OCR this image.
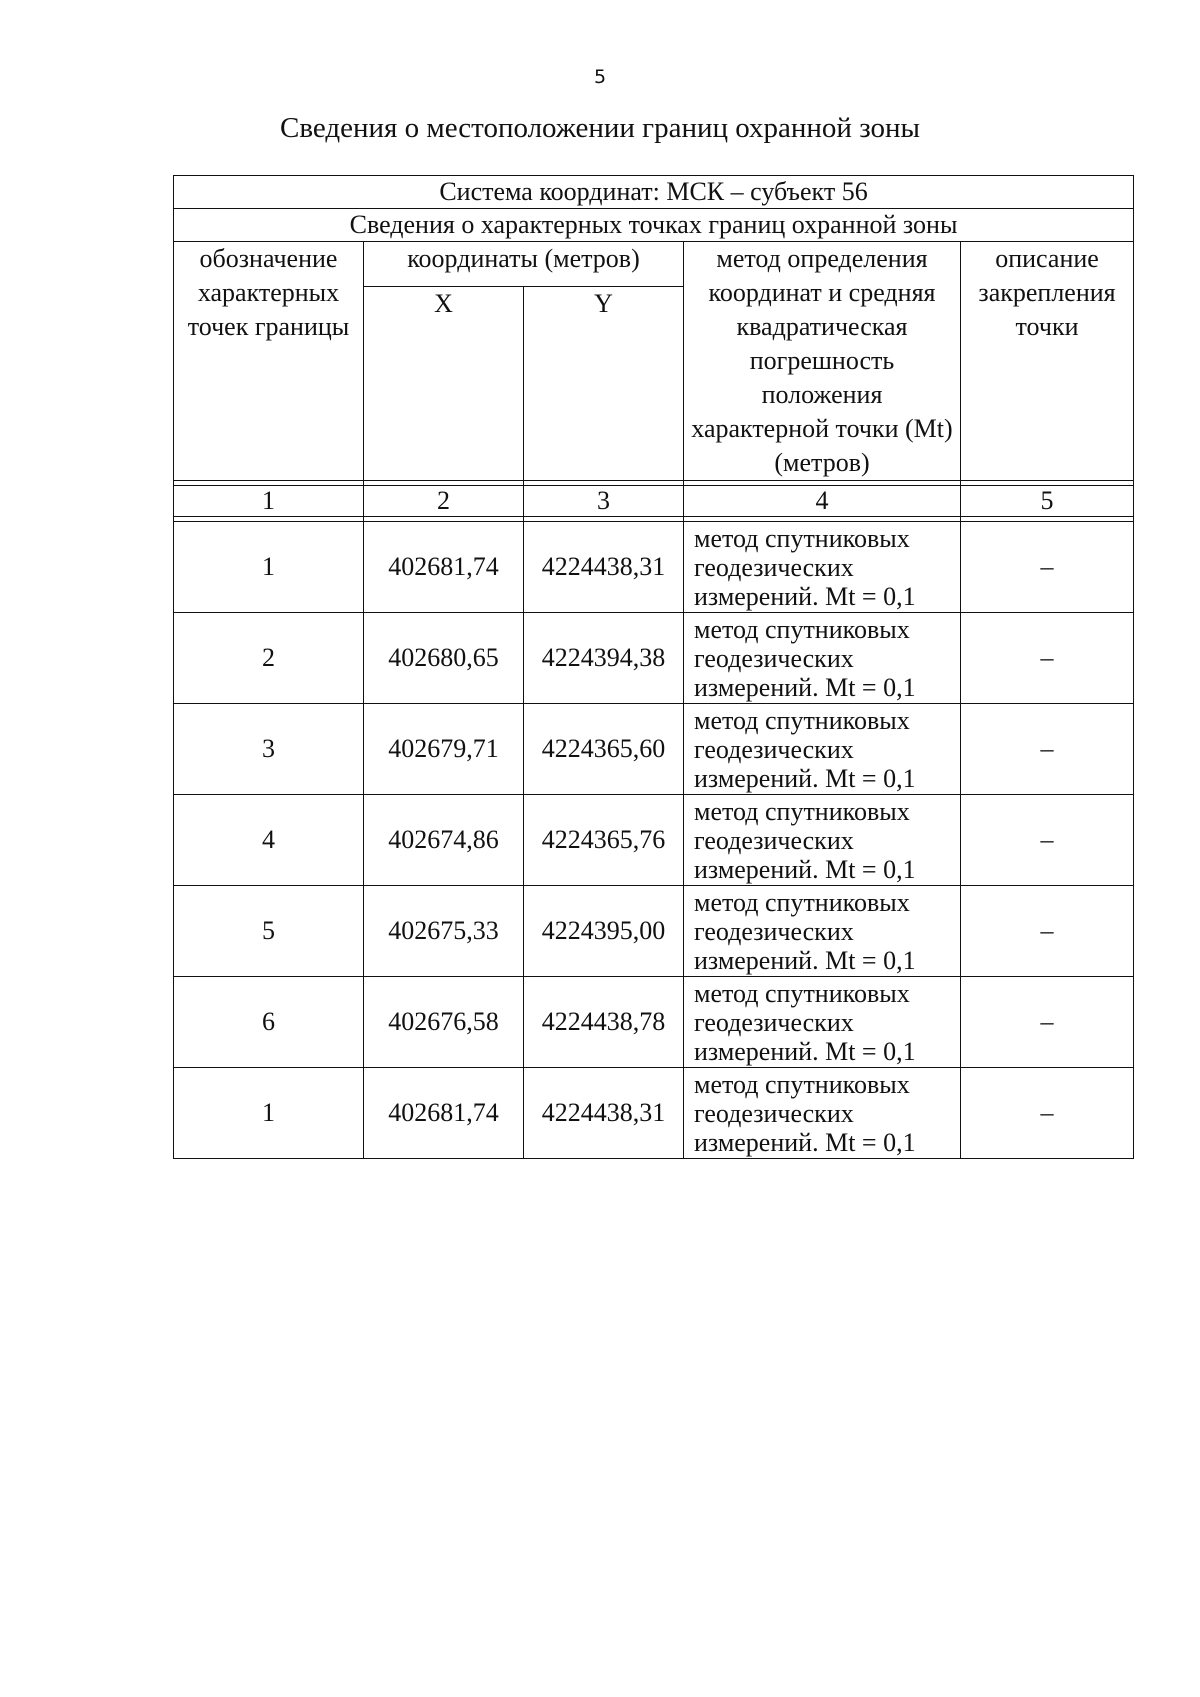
5
Сведения о местоположении границ охранной зоны
Система координат: МСК – субъект 56				
Сведения о характерных точках границ охранной зоны				
обозначение характерных точек границы	координаты (метров)		метод определения координат и средняя квадратическая погрешность положения характерной точки (Mt) (метров)	описание закрепления точки
	X	Y		

1	2	3	4	5

1	402681,74	4224438,31	метод спутниковых геодезических измерений. Mt = 0,1	–
2	402680,65	4224394,38	метод спутниковых геодезических измерений. Mt = 0,1	–
3	402679,71	4224365,60	метод спутниковых геодезических измерений. Mt = 0,1	–
4	402674,86	4224365,76	метод спутниковых геодезических измерений. Mt = 0,1	–
5	402675,33	4224395,00	метод спутниковых геодезических измерений. Mt = 0,1	–
6	402676,58	4224438,78	метод спутниковых геодезических измерений. Mt = 0,1	–
1	402681,74	4224438,31	метод спутниковых геодезических измерений. Mt = 0,1	–
